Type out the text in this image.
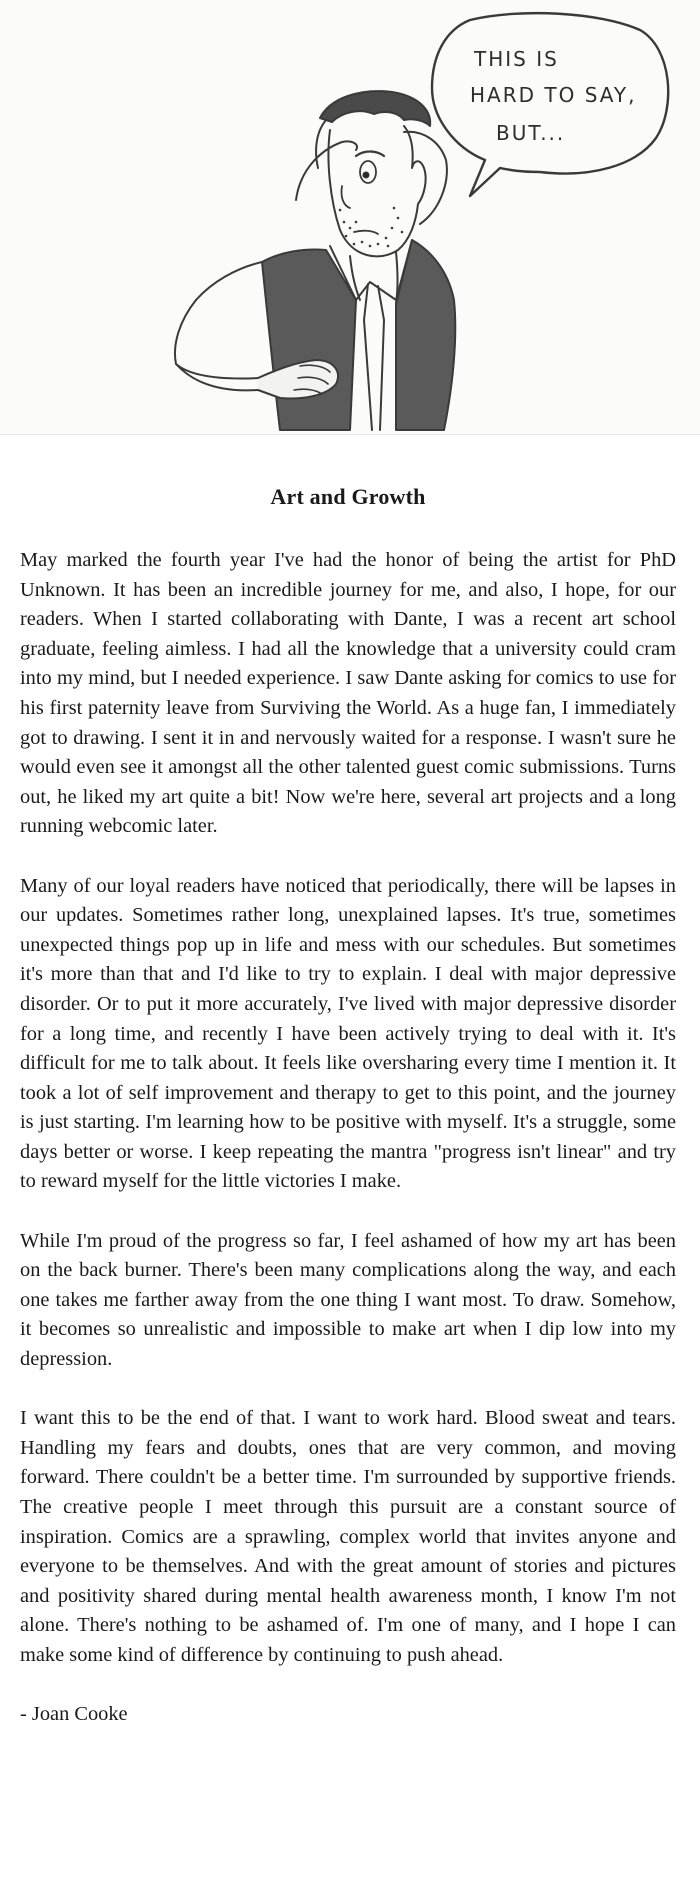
THIS IS
HARD TO SAY,
BUT...
Art and Growth

May marked the fourth year I've had the honor of being the artist for PhD Unknown. It has been an incredible journey for me, and also, I hope, for our readers. When I started collaborating with Dante, I was a recent art school graduate, feeling aimless. I had all the knowledge that a university could cram into my mind, but I needed experience. I saw Dante asking for comics to use for his first paternity leave from Surviving the World. As a huge fan, I immediately got to drawing. I sent it in and nervously waited for a response. I wasn't sure he would even see it amongst all the other talented guest comic submissions. Turns out, he liked my art quite a bit! Now we're here, several art projects and a long running webcomic later.

Many of our loyal readers have noticed that periodically, there will be lapses in our updates. Sometimes rather long, unexplained lapses. It's true, sometimes unexpected things pop up in life and mess with our schedules. But sometimes it's more than that and I'd like to try to explain. I deal with major depressive disorder. Or to put it more accurately, I've lived with major depressive disorder for a long time, and recently I have been actively trying to deal with it. It's difficult for me to talk about. It feels like oversharing every time I mention it. It took a lot of self improvement and therapy to get to this point, and the journey is just starting. I'm learning how to be positive with myself. It's a struggle, some days better or worse. I keep repeating the mantra "progress isn't linear" and try to reward myself for the little victories I make.

While I'm proud of the progress so far, I feel ashamed of how my art has been on the back burner. There's been many complications along the way, and each one takes me farther away from the one thing I want most. To draw. Somehow, it becomes so unrealistic and impossible to make art when I dip low into my depression.

I want this to be the end of that. I want to work hard. Blood sweat and tears. Handling my fears and doubts, ones that are very common, and moving forward. There couldn't be a better time. I'm surrounded by supportive friends. The creative people I meet through this pursuit are a constant source of inspiration. Comics are a sprawling, complex world that invites anyone and everyone to be themselves. And with the great amount of stories and pictures and positivity shared during mental health awareness month, I know I'm not alone. There's nothing to be ashamed of. I'm one of many, and I hope I can make some kind of difference by continuing to push ahead.

- Joan Cooke
